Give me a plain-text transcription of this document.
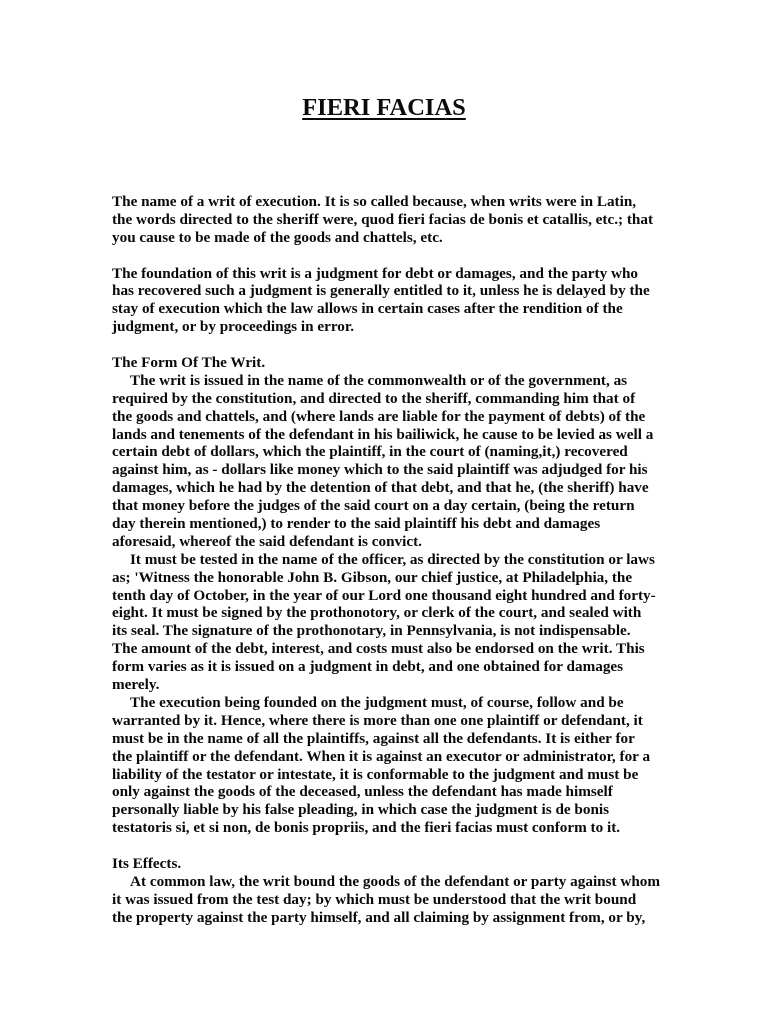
FIERI FACIAS
The name of a writ of execution. It is so called because, when writs were in Latin,
the words directed to the sheriff were, quod fieri facias de bonis et catallis, etc.; that
you cause to be made of the goods and chattels, etc.
The foundation of this writ is a judgment for debt or damages, and the party who
has recovered such a judgment is generally entitled to it, unless he is delayed by the
stay of execution which the law allows in certain cases after the rendition of the
judgment, or by proceedings in error.
The Form Of The Writ.
The writ is issued in the name of the commonwealth or of the government, as
required by the constitution, and directed to the sheriff, commanding him that of
the goods and chattels, and (where lands are liable for the payment of debts) of the
lands and tenements of the defendant in his bailiwick, he cause to be levied as well a
certain debt of dollars, which the plaintiff, in the court of (naming,it,) recovered
against him, as - dollars like money which to the said plaintiff was adjudged for his
damages, which he had by the detention of that debt, and that he, (the sheriff) have
that money before the judges of the said court on a day certain, (being the return
day therein mentioned,) to render to the said plaintiff his debt and damages
aforesaid, whereof the said defendant is convict.
It must be tested in the name of the officer, as directed by the constitution or laws
as; 'Witness the honorable John B. Gibson, our chief justice, at Philadelphia, the
tenth day of October, in the year of our Lord one thousand eight hundred and forty-
eight. It must be signed by the prothonotory, or clerk of the court, and sealed with
its seal. The signature of the prothonotary, in Pennsylvania, is not indispensable.
The amount of the debt, interest, and costs must also be endorsed on the writ. This
form varies as it is issued on a judgment in debt, and one obtained for damages
merely.
The execution being founded on the judgment must, of course, follow and be
warranted by it. Hence, where there is more than one one plaintiff or defendant, it
must be in the name of all the plaintiffs, against all the defendants. It is either for
the plaintiff or the defendant. When it is against an executor or administrator, for a
liability of the testator or intestate, it is conformable to the judgment and must be
only against the goods of the deceased, unless the defendant has made himself
personally liable by his false pleading, in which case the judgment is de bonis
testatoris si, et si non, de bonis propriis, and the fieri facias must conform to it.
Its Effects.
At common law, the writ bound the goods of the defendant or party against whom
it was issued from the test day; by which must be understood that the writ bound
the property against the party himself, and all claiming by assignment from, or by,
